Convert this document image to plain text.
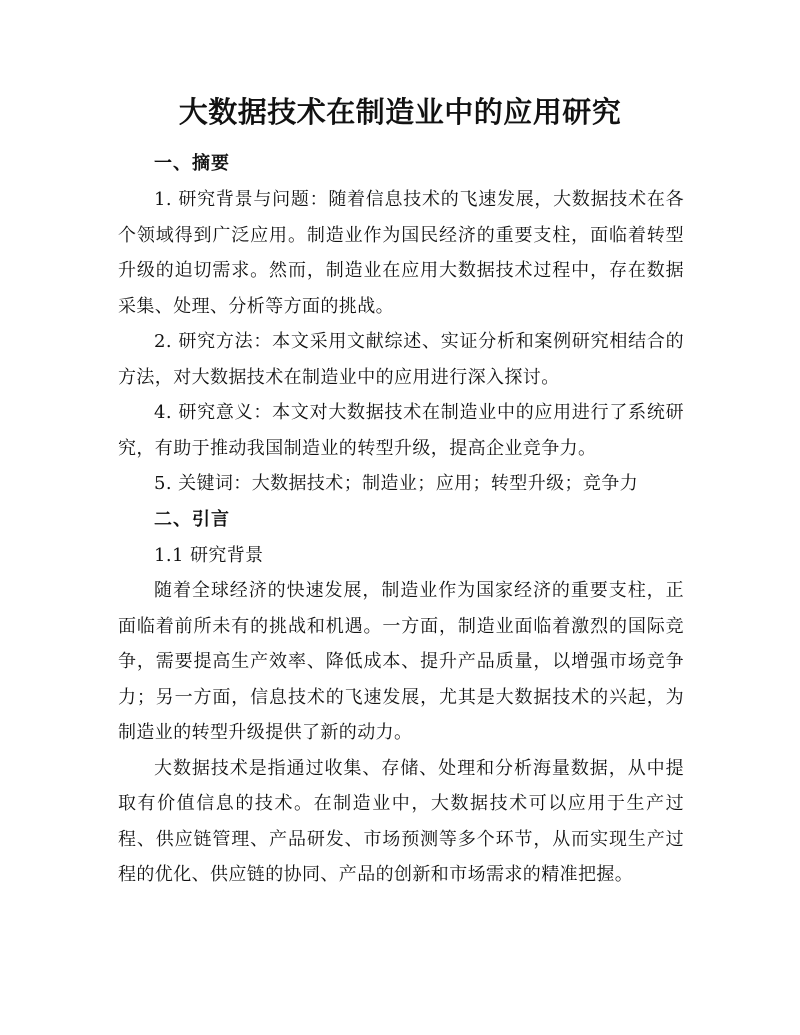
大数据技术在制造业中的应用研究

一、摘要

1. 研究背景与问题：随着信息技术的飞速发展，大数据技术在各个领域得到广泛应用。制造业作为国民经济的重要支柱，面临着转型升级的迫切需求。然而，制造业在应用大数据技术过程中，存在数据采集、处理、分析等方面的挑战。

2. 研究方法：本文采用文献综述、实证分析和案例研究相结合的方法，对大数据技术在制造业中的应用进行深入探讨。

4. 研究意义：本文对大数据技术在制造业中的应用进行了系统研究，有助于推动我国制造业的转型升级，提高企业竞争力。

5. 关键词：大数据技术；制造业；应用；转型升级；竞争力

二、引言

1.1 研究背景

随着全球经济的快速发展，制造业作为国家经济的重要支柱，正面临着前所未有的挑战和机遇。一方面，制造业面临着激烈的国际竞争，需要提高生产效率、降低成本、提升产品质量，以增强市场竞争力；另一方面，信息技术的飞速发展，尤其是大数据技术的兴起，为制造业的转型升级提供了新的动力。

大数据技术是指通过收集、存储、处理和分析海量数据，从中提取有价值信息的技术。在制造业中，大数据技术可以应用于生产过程、供应链管理、产品研发、市场预测等多个环节，从而实现生产过程的优化、供应链的协同、产品的创新和市场需求的精准把握。
